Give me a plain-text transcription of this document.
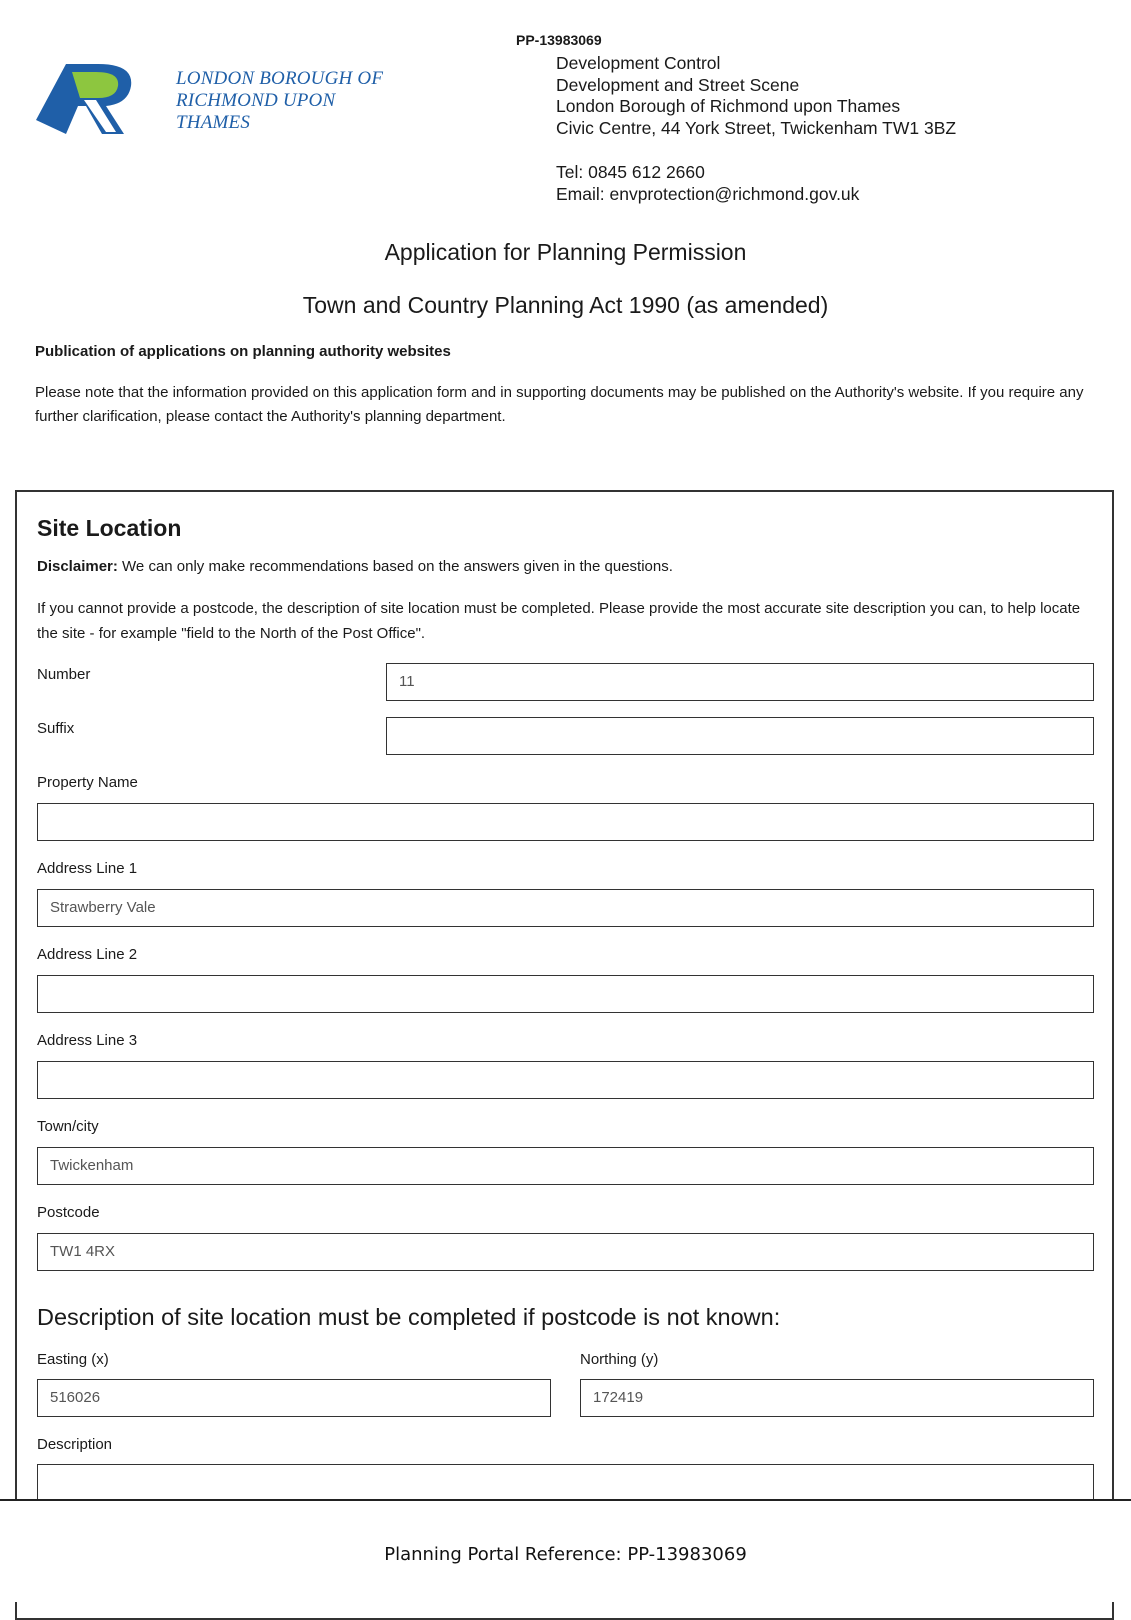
LONDON BOROUGH OF
RICHMOND UPON THAMES
PP-13983069
Development Control
Development and Street Scene
London Borough of Richmond upon Thames
Civic Centre, 44 York Street, Twickenham TW1 3BZ
Tel: 0845 612 2660
Email: envprotection@richmond.gov.uk
Application for Planning Permission
Town and Country Planning Act 1990 (as amended)
Publication of applications on planning authority websites
Please note that the information provided on this application form and in supporting documents may be published on the Authority's website. If you require any further clarification, please contact the Authority's planning department.
Site Location
Disclaimer: We can only make recommendations based on the answers given in the questions.
If you cannot provide a postcode, the description of site location must be completed. Please provide the most accurate site description you can, to help locate the site - for example "field to the North of the Post Office".
Number	11
Suffix
Property Name
Address Line 1
Strawberry Vale
Address Line 2
Address Line 3
Town/city
Twickenham
Postcode
TW1 4RX
Description of site location must be completed if postcode is not known:
Easting (x)	Northing (y)
516026	172419
Description
Planning Portal Reference: PP-13983069
